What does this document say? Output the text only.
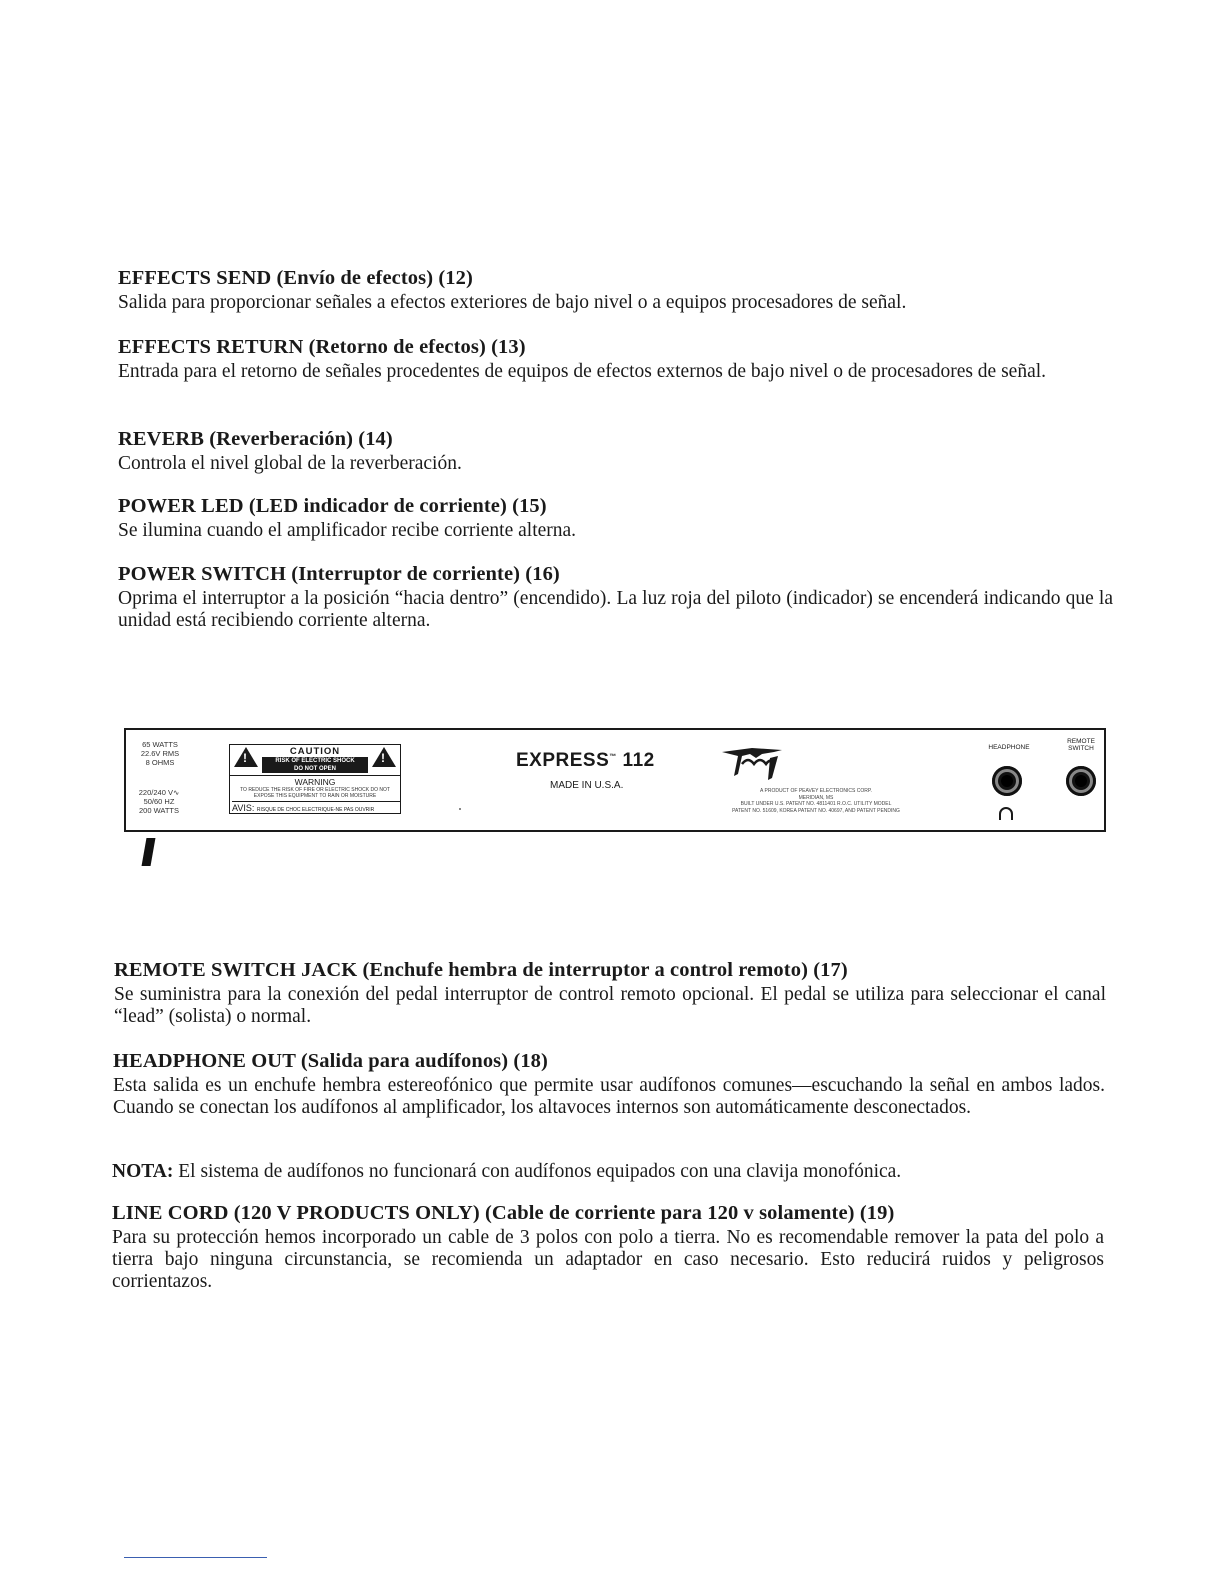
EFFECTS SEND (Envío de efectos) (12)

Salida para proporcionar señales a efectos exteriores de bajo nivel o a equipos procesadores de señal.

EFFECTS RETURN (Retorno de efectos) (13)

Entrada para el retorno de señales procedentes de equipos de efectos externos de bajo nivel o de procesadores de señal.

REVERB (Reverberación) (14)

Controla el nivel global de la reverberación.

POWER LED (LED indicador de corriente) (15)

Se ilumina cuando el amplificador recibe corriente alterna.

POWER SWITCH (Interruptor de corriente) (16)

Oprima el interruptor a la posición “hacia dentro” (encendido). La luz roja del piloto (indicador) se encenderá indicando que la unidad está recibiendo corriente alterna.

65 WATTS
22.6V RMS
8 OHMS
220/240 V∿
50/60 HZ
200 WATTS
!	CAUTION
RISK OF ELECTRIC SHOCK
DO NOT OPEN
!
WARNING
TO REDUCE THE RISK OF FIRE OR ELECTRIC SHOCK DO NOT EXPOSE THIS EQUIPMENT TO RAIN OR MOISTURE
AVIS: RISQUE DE CHOC ELECTRIQUE-NE PAS OUVRIR
EXPRESS™ 112
MADE IN U.S.A.	A PRODUCT OF PEAVEY ELECTRONICS CORP.
MERIDIAN, MS
BUILT UNDER U.S. PATENT NO. 4811401 R.O.C. UTILITY MODEL
PATENT NO. 51609, KOREA PATENT NO. 40697, AND PATENT PENDING
HEADPHONE
REMOTE
SWITCH
REMOTE SWITCH JACK (Enchufe hembra de interruptor a control remoto) (17)

Se suministra para la conexión del pedal interruptor de control remoto opcional. El pedal se utiliza para seleccionar el canal “lead” (solista) o normal.

HEADPHONE OUT (Salida para audífonos) (18)

Esta salida es un enchufe hembra estereofónico que permite usar audífonos comunes—escuchando la señal en ambos lados. Cuando se conectan los audífonos al amplificador, los altavoces internos son automáticamente desconectados.

NOTA: El sistema de audífonos no funcionará con audífonos equipados con una clavija monofónica.
LINE CORD (120 V PRODUCTS ONLY) (Cable de corriente para 120 v solamente) (19)

Para su protección hemos incorporado un cable de 3 polos con polo a tierra. No es recomendable remover la pata del polo a tierra bajo ninguna circunstancia, se recomienda un adaptador en caso necesario. Esto reducirá ruidos y peligrosos corrientazos.
